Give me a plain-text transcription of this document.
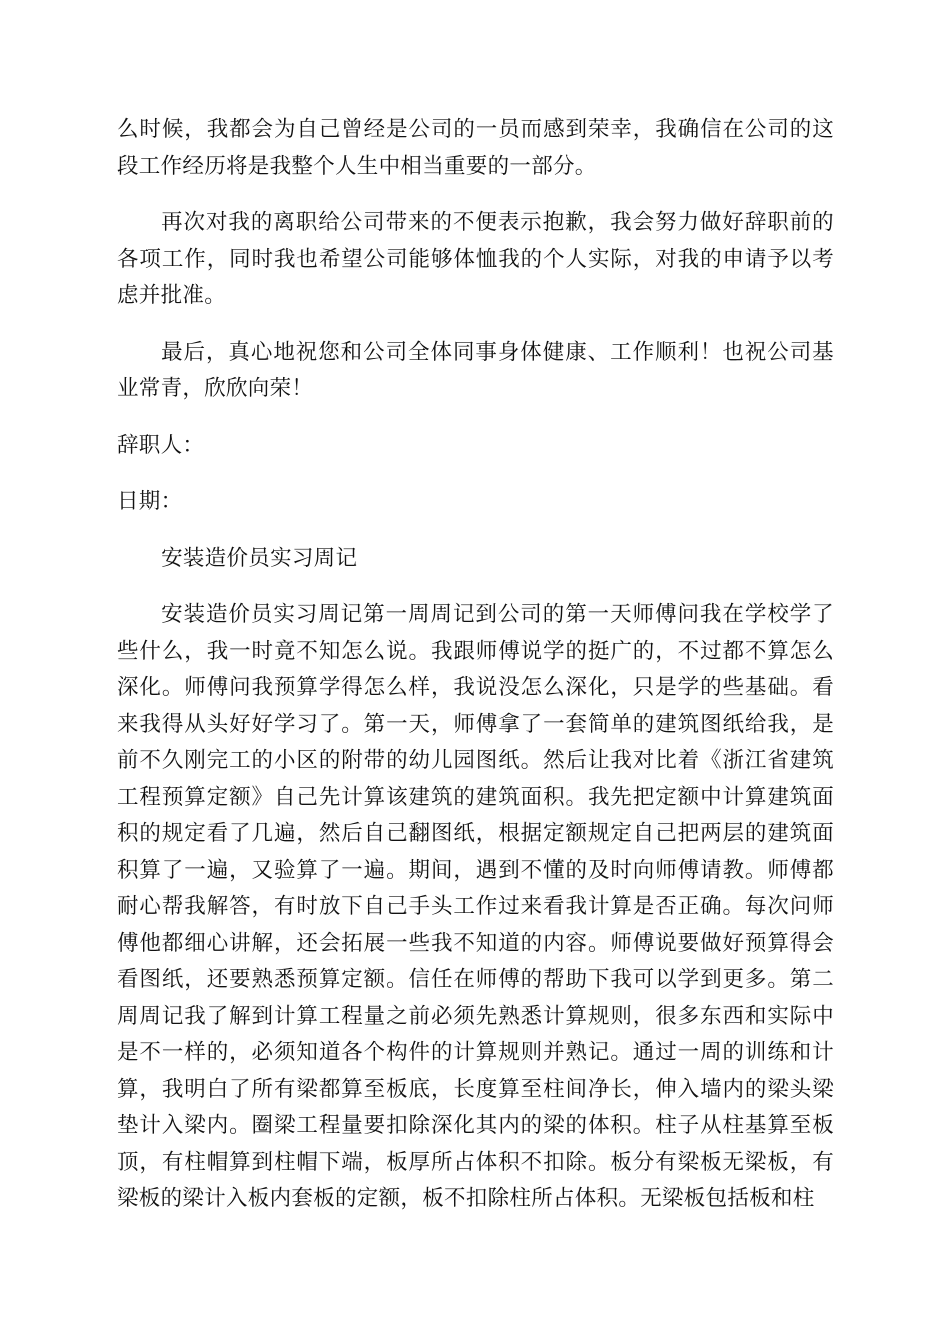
么时候，我都会为自己曾经是公司的一员而感到荣幸，我确信在公司的这段工作经历将是我整个人生中相当重要的一部分。

再次对我的离职给公司带来的不便表示抱歉，我会努力做好辞职前的各项工作，同时我也希望公司能够体恤我的个人实际，对我的申请予以考虑并批准。

最后，真心地祝您和公司全体同事身体健康、工作顺利！也祝公司基业常青，欣欣向荣！

辞职人：

日期：

安装造价员实习周记

安装造价员实习周记第一周周记到公司的第一天师傅问我在学校学了些什么，我一时竟不知怎么说。我跟师傅说学的挺广的，不过都不算怎么深化。师傅问我预算学得怎么样，我说没怎么深化，只是学的些基础。看来我得从头好好学习了。第一天，师傅拿了一套简单的建筑图纸给我，是前不久刚完工的小区的附带的幼儿园图纸。然后让我对比着《浙江省建筑工程预算定额》自己先计算该建筑的建筑面积。我先把定额中计算建筑面积的规定看了几遍，然后自己翻图纸，根据定额规定自己把两层的建筑面积算了一遍，又验算了一遍。期间，遇到不懂的及时向师傅请教。师傅都耐心帮我解答，有时放下自己手头工作过来看我计算是否正确。每次问师傅他都细心讲解，还会拓展一些我不知道的内容。师傅说要做好预算得会看图纸，还要熟悉预算定额。信任在师傅的帮助下我可以学到更多。第二周周记我了解到计算工程量之前必须先熟悉计算规则，很多东西和实际中是不一样的，必须知道各个构件的计算规则并熟记。通过一周的训练和计算，我明白了所有梁都算至板底，长度算至柱间净长，伸入墙内的梁头梁垫计入梁内。圈梁工程量要扣除深化其内的梁的体积。柱子从柱基算至板顶，有柱帽算到柱帽下端，板厚所占体积不扣除。板分有梁板无梁板，有梁板的梁计入板内套板的定额，板不扣除柱所占体积。无梁板包括板和柱
